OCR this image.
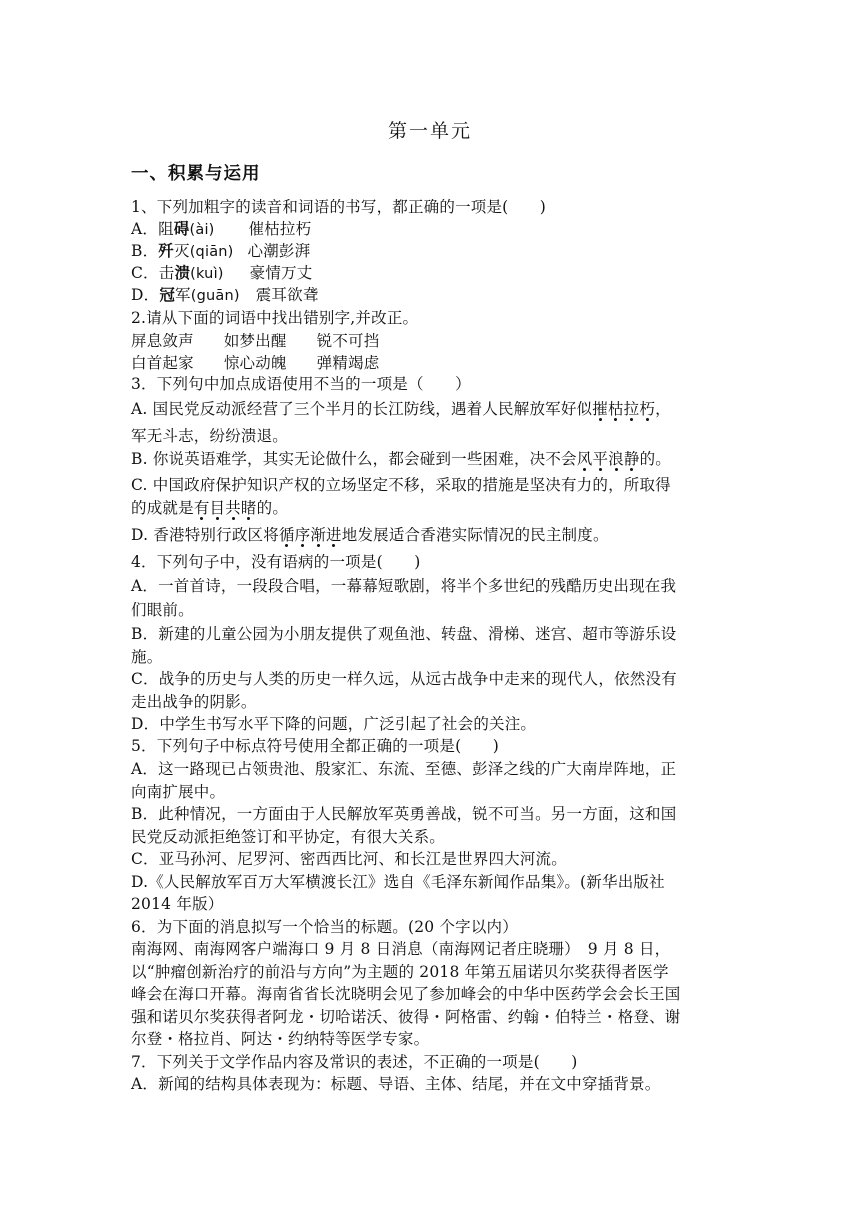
第一单元
一、积累与运用
1、下列加粗字的读音和词语的书写，都正确的一项是(　　)
A．阻碍(ài) 催枯拉朽
B．歼灭(qiān) 心潮彭湃
C．击溃(kuì) 豪情万丈
D．冠军(guān) 震耳欲聋
2.请从下面的词语中找出错别字,并改正。
屏息敛声 如梦出醒 锐不可挡
白首起家 惊心动魄 弹精竭虑
3．下列句中加点成语使用不当的一项是（　　）
A. 国民党反动派经营了三个半月的长江防线，遇着人民解放军好似摧枯拉朽，
军无斗志，纷纷溃退。
B. 你说英语难学，其实无论做什么，都会碰到一些困难，决不会风平浪静的。
C. 中国政府保护知识产权的立场坚定不移，采取的措施是坚决有力的，所取得
的成就是有目共睹的。
D. 香港特别行政区将循序渐进地发展适合香港实际情况的民主制度。
4．下列句子中，没有语病的一项是(　　)
A．一首首诗，一段段合唱，一幕幕短歌剧，将半个多世纪的残酷历史出现在我
们眼前。
B．新建的儿童公园为小朋友提供了观鱼池、转盘、滑梯、迷宫、超市等游乐设
施。
C．战争的历史与人类的历史一样久远，从远古战争中走来的现代人，依然没有
走出战争的阴影。
D．中学生书写水平下降的问题，广泛引起了社会的关注。
5．下列句子中标点符号使用全都正确的一项是(　　)
A．这一路现已占领贵池、殷家汇、东流、至德、彭泽之线的广大南岸阵地，正
向南扩展中。
B．此种情况，一方面由于人民解放军英勇善战，锐不可当。另一方面，这和国
民党反动派拒绝签订和平协定，有很大关系。
C．亚马孙河、尼罗河、密西西比河、和长江是世界四大河流。
D.《人民解放军百万大军横渡长江》选自《毛泽东新闻作品集》。(新华出版社
2014 年版）
6．为下面的消息拟写一个恰当的标题。(20 个字以内）
南海网、南海网客户端海口 9 月 8 日消息（南海网记者庄晓珊）　9 月 8 日，
以“肿瘤创新治疗的前沿与方向”为主题的 2018 年第五届诺贝尔奖获得者医学
峰会在海口开幕。海南省省长沈晓明会见了参加峰会的中华中医药学会会长王国
强和诺贝尔奖获得者阿龙・切哈诺沃、彼得・阿格雷、约翰・伯特兰・格登、谢
尔登・格拉肖、阿达・约纳特等医学专家。
7．下列关于文学作品内容及常识的表述，不正确的一项是(　　)
A．新闻的结构具体表现为：标题、导语、主体、结尾，并在文中穿插背景。
